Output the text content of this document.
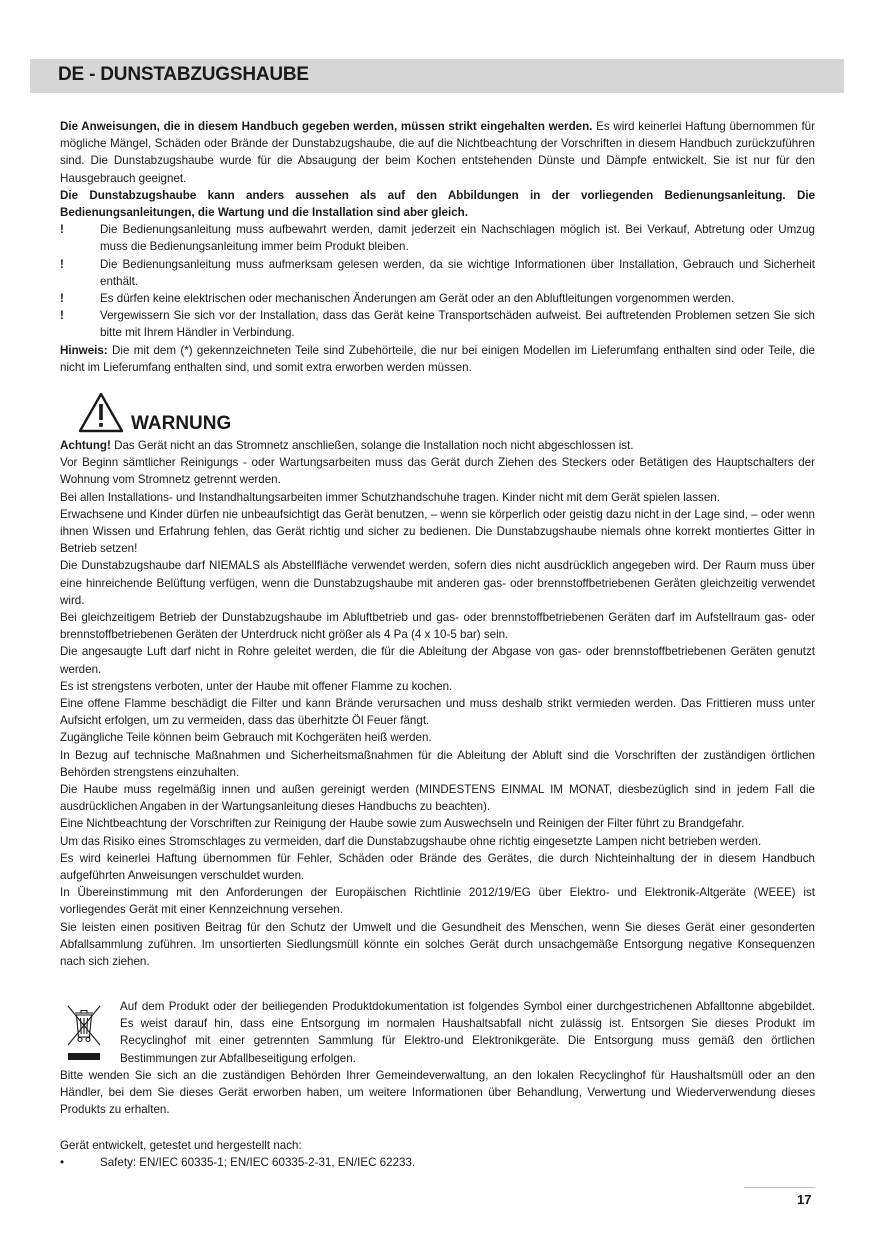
DE - DUNSTABZUGSHAUBE

Die Anweisungen, die in diesem Handbuch gegeben werden, müssen strikt eingehalten werden. Es wird keinerlei Haftung übernommen für mögliche Mängel, Schäden oder Brände der Dunstabzugshaube, die auf die Nichtbeachtung der Vorschriften in diesem Handbuch zurückzuführen sind. Die Dunstabzugshaube wurde für die Absaugung der beim Kochen entstehenden Dünste und Dämpfe entwickelt. Sie ist nur für den Hausgebrauch geeignet.

Die Dunstabzugshaube kann anders aussehen als auf den Abbildungen in der vorliegenden Bedienungsanleitung. Die Bedienungsanleitungen, die Wartung und die Installation sind aber gleich.

!	Die Bedienungsanleitung muss aufbewahrt werden, damit jederzeit ein Nachschlagen möglich ist. Bei Verkauf, Abtretung oder Umzug muss die Bedienungsanleitung immer beim Produkt bleiben.
!	Die Bedienungsanleitung muss aufmerksam gelesen werden, da sie wichtige Informationen über Installation, Gebrauch und Sicherheit enthält.
!	Es dürfen keine elektrischen oder mechanischen Änderungen am Gerät oder an den Abluftleitungen vorgenommen werden.
!	Vergewissern Sie sich vor der Installation, dass das Gerät keine Transportschäden aufweist. Bei auftretenden Problemen setzen Sie sich bitte mit Ihrem Händler in Verbindung.

Hinweis: Die mit dem (*) gekennzeichneten Teile sind Zubehörteile, die nur bei einigen Modellen im Lieferumfang enthalten sind oder Teile, die nicht im Lieferumfang enthalten sind, und somit extra erworben werden müssen.

WARNUNG

Achtung! Das Gerät nicht an das Stromnetz anschließen, solange die Installation noch nicht abgeschlossen ist.

Vor Beginn sämtlicher Reinigungs - oder Wartungsarbeiten muss das Gerät durch Ziehen des Steckers oder Betätigen des Hauptschalters der Wohnung vom Stromnetz getrennt werden.

Bei allen Installations- und Instandhaltungsarbeiten immer Schutzhandschuhe tragen. Kinder nicht mit dem Gerät spielen lassen.

Erwachsene und Kinder dürfen nie unbeaufsichtigt das Gerät benutzen, – wenn sie körperlich oder geistig dazu nicht in der Lage sind, – oder wenn ihnen Wissen und Erfahrung fehlen, das Gerät richtig und sicher zu bedienen. Die Dunstabzugshaube niemals ohne korrekt montiertes Gitter in Betrieb setzen!

Die Dunstabzugshaube darf NIEMALS als Abstellfläche verwendet werden, sofern dies nicht ausdrücklich angegeben wird. Der Raum muss über eine hinreichende Belüftung verfügen, wenn die Dunstabzugshaube mit anderen gas- oder brennstoffbetriebenen Geräten gleichzeitig verwendet wird.

Bei gleichzeitigem Betrieb der Dunstabzugshaube im Abluftbetrieb und gas- oder brennstoffbetriebenen Geräten darf im Aufstellraum gas- oder brennstoffbetriebenen Geräten der Unterdruck nicht größer als 4 Pa (4 x 10-5 bar) sein.

Die angesaugte Luft darf nicht in Rohre geleitet werden, die für die Ableitung der Abgase von gas- oder brennstoffbetriebenen Geräten genutzt werden.

Es ist strengstens verboten, unter der Haube mit offener Flamme zu kochen.

Eine offene Flamme beschädigt die Filter und kann Brände verursachen und muss deshalb strikt vermieden werden. Das Frittieren muss unter Aufsicht erfolgen, um zu vermeiden, dass das überhitzte Öl Feuer fängt.

Zugängliche Teile können beim Gebrauch mit Kochgeräten heiß werden.

In Bezug auf technische Maßnahmen und Sicherheitsmaßnahmen für die Ableitung der Abluft sind die Vorschriften der zuständigen örtlichen Behörden strengstens einzuhalten.

Die Haube muss regelmäßig innen und außen gereinigt werden (MINDESTENS EINMAL IM MONAT, diesbezüglich sind in jedem Fall die ausdrücklichen Angaben in der Wartungsanleitung dieses Handbuchs zu beachten).

Eine Nichtbeachtung der Vorschriften zur Reinigung der Haube sowie zum Auswechseln und Reinigen der Filter führt zu Brandgefahr.

Um das Risiko eines Stromschlages zu vermeiden, darf die Dunstabzugshaube ohne richtig eingesetzte Lampen nicht betrieben werden.

Es wird keinerlei Haftung übernommen für Fehler, Schäden oder Brände des Gerätes, die durch Nichteinhaltung der in diesem Handbuch aufgeführten Anweisungen verschuldet wurden.

In Übereinstimmung mit den Anforderungen der Europäischen Richtlinie 2012/19/EG über Elektro- und Elektronik-Altgeräte (WEEE) ist vorliegendes Gerät mit einer Kennzeichnung versehen.

Sie leisten einen positiven Beitrag für den Schutz der Umwelt und die Gesundheit des Menschen, wenn Sie dieses Gerät einer gesonderten Abfallsammlung zuführen. Im unsortierten Siedlungsmüll könnte ein solches Gerät durch unsachgemäße Entsorgung negative Konsequenzen nach sich ziehen.

Auf dem Produkt oder der beiliegenden Produktdokumentation ist folgendes Symbol einer durchgestrichenen Abfalltonne abgebildet. Es weist darauf hin, dass eine Entsorgung im normalen Haushaltsabfall nicht zulässig ist. Entsorgen Sie dieses Produkt im Recyclinghof mit einer getrennten Sammlung für Elektro-und Elektronikgeräte. Die Entsorgung muss gemäß den örtlichen Bestimmungen zur Abfallbeseitigung erfolgen.

Bitte wenden Sie sich an die zuständigen Behörden Ihrer Gemeindeverwaltung, an den lokalen Recyclinghof für Haushaltsmüll oder an den Händler, bei dem Sie dieses Gerät erworben haben, um weitere Informationen über Behandlung, Verwertung und Wiederverwendung dieses Produkts zu erhalten.

Gerät entwickelt, getestet und hergestellt nach:

•	Safety: EN/IEC 60335-1; EN/IEC 60335-2-31, EN/IEC 62233.
17
